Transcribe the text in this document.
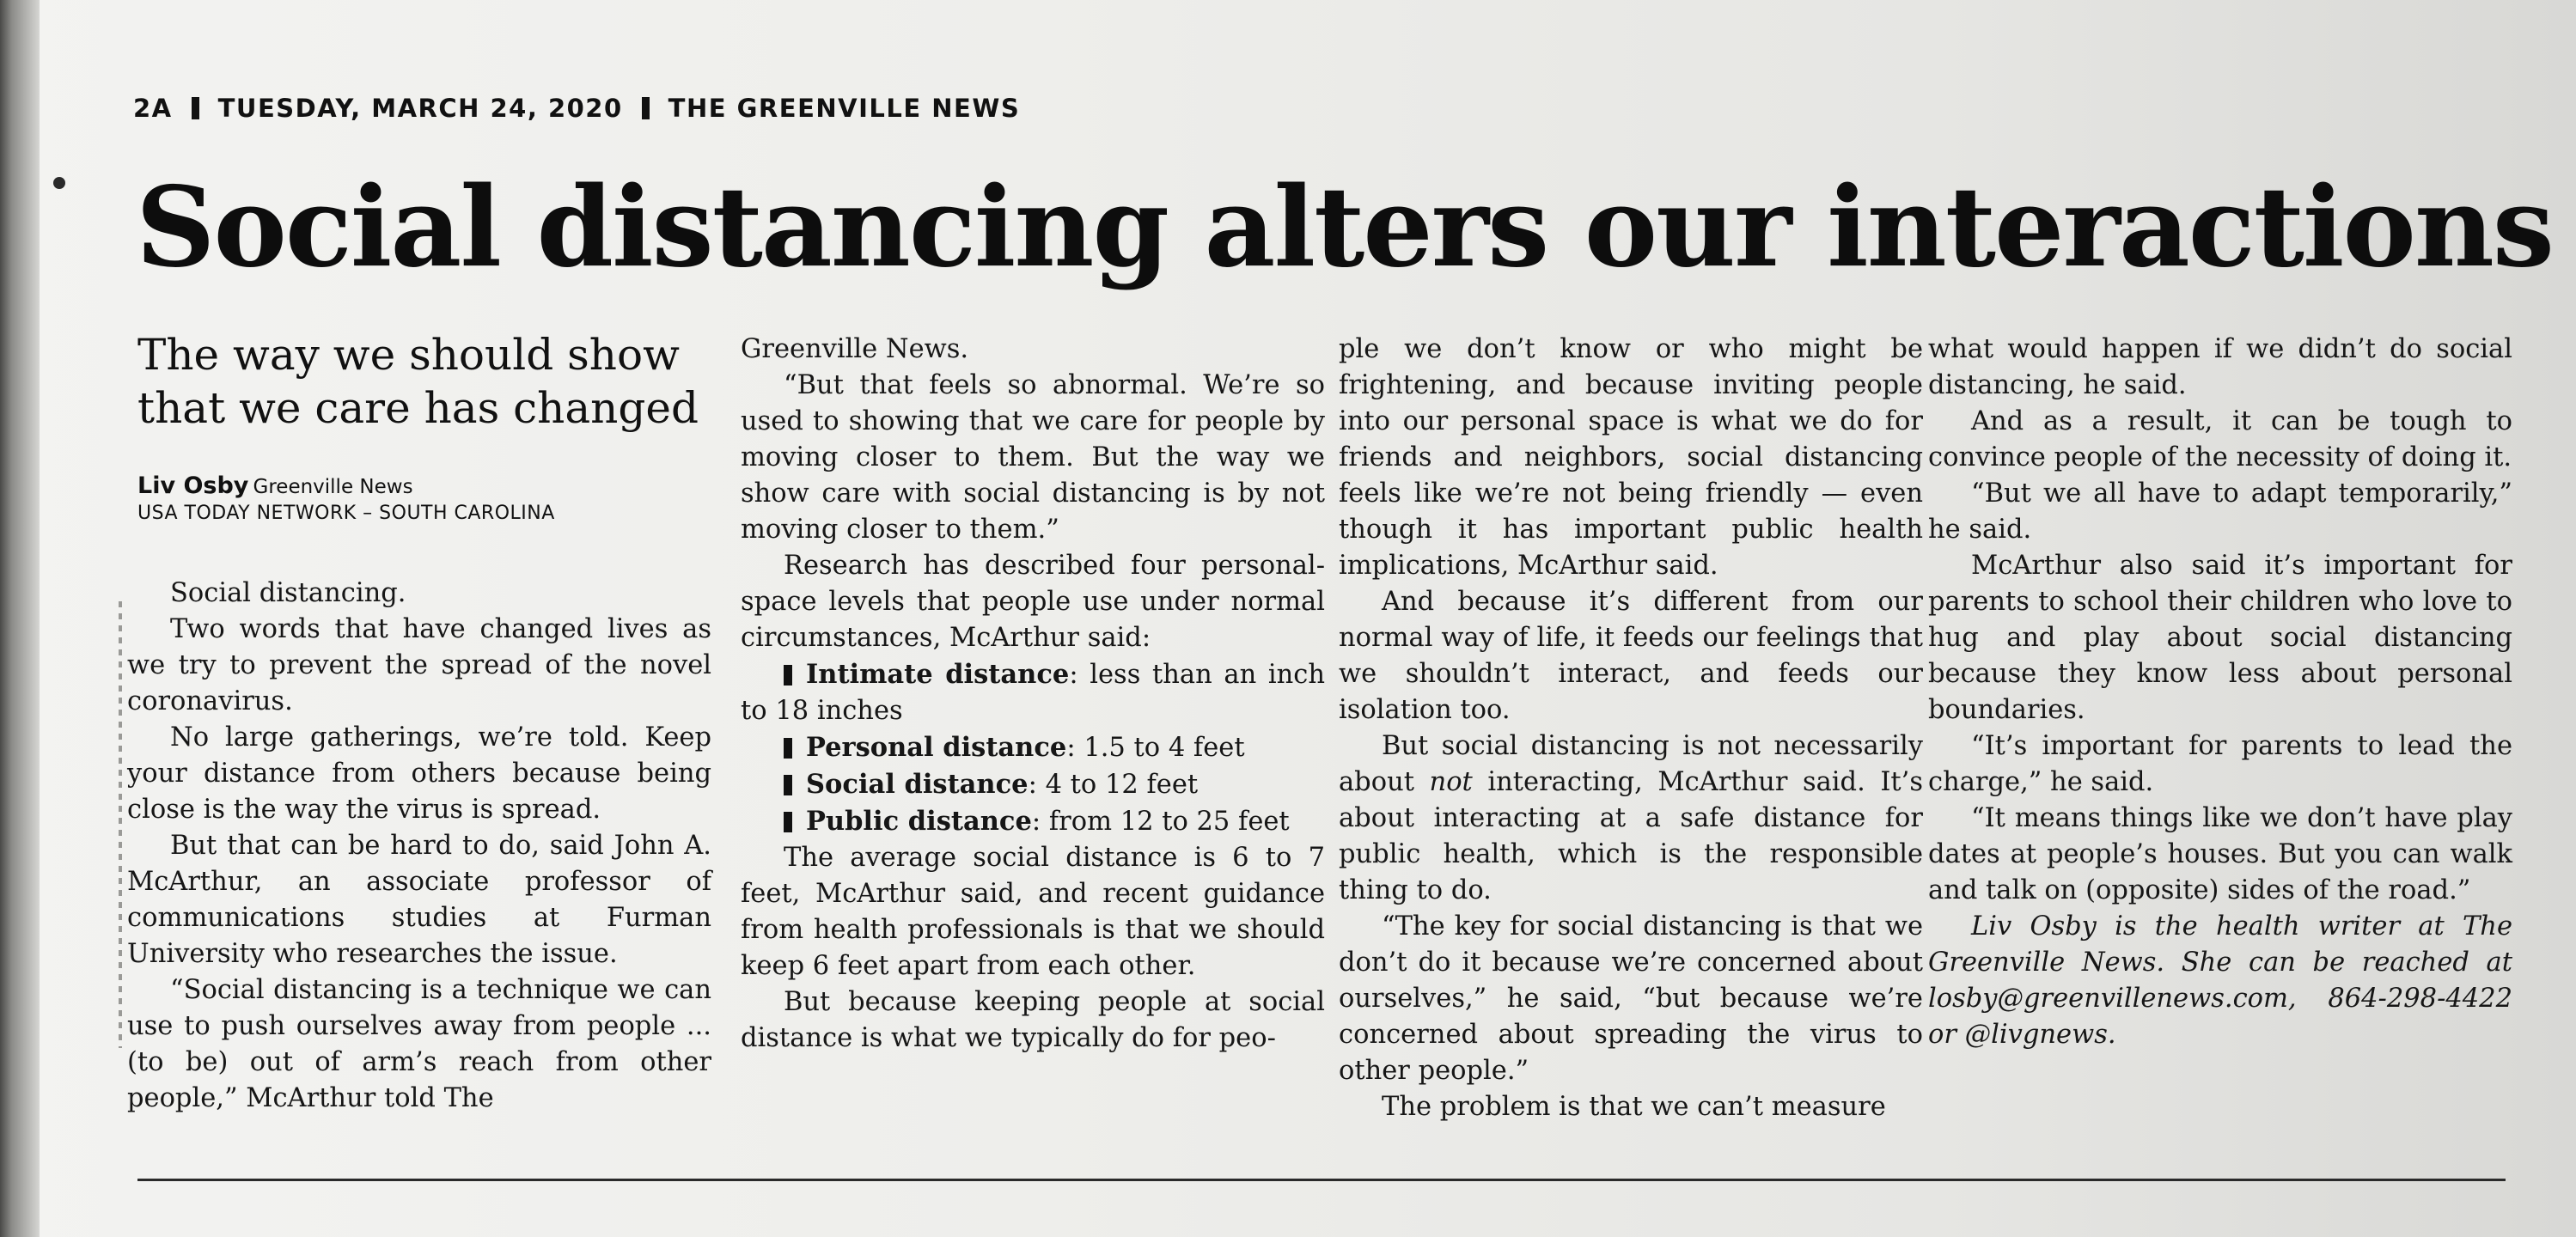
2A TUESDAY, MARCH 24, 2020 THE GREENVILLE NEWS
Social distancing alters our interactions
The way we should show that we care has changed
Liv Osby Greenville News
USA TODAY NETWORK – SOUTH CAROLINA

Social distancing.

Two words that have changed lives as we try to prevent the spread of the novel coronavirus.

No large gatherings, we’re told. Keep your distance from others because being close is the way the virus is spread.

But that can be hard to do, said John A. McArthur, an associate professor of communications studies at Furman University who researches the issue.

“Social distancing is a technique we can use to push ourselves away from people ... (to be) out of arm’s reach from other people,” McArthur told The

Greenville News.

“But that feels so abnormal. We’re so used to showing that we care for people by moving closer to them. But the way we show care with social distancing is by not moving closer to them.”

Research has described four personal-space levels that people use under normal circumstances, McArthur said:

Intimate distance: less than an inch to 18 inches

Personal distance: 1.5 to 4 feet

Social distance: 4 to 12 feet

Public distance: from 12 to 25 feet

The average social distance is 6 to 7 feet, McArthur said, and recent guidance from health professionals is that we should keep 6 feet apart from each other.

But because keeping people at social distance is what we typically do for peo-

ple we don’t know or who might be frightening, and because inviting people into our personal space is what we do for friends and neighbors, social distancing feels like we’re not being friendly — even though it has important public health implications, McArthur said.

And because it’s different from our normal way of life, it feeds our feelings that we shouldn’t interact, and feeds our isolation too.

But social distancing is not necessarily about not interacting, McArthur said. It’s about interacting at a safe distance for public health, which is the responsible thing to do.

“The key for social distancing is that we don’t do it because we’re concerned about ourselves,” he said, “but because we’re concerned about spreading the virus to other people.”

The problem is that we can’t measure

what would happen if we didn’t do social distancing, he said.

And as a result, it can be tough to convince people of the necessity of doing it.

“But we all have to adapt temporarily,” he said.

McArthur also said it’s important for parents to school their children who love to hug and play about social distancing because they know less about personal boundaries.

“It’s important for parents to lead the charge,” he said.

“It means things like we don’t have play dates at people’s houses. But you can walk and talk on (opposite) sides of the road.”

Liv Osby is the health writer at The Greenville News. She can be reached at losby@greenvillenews.com, 864-298-4422 or @livgnews.
